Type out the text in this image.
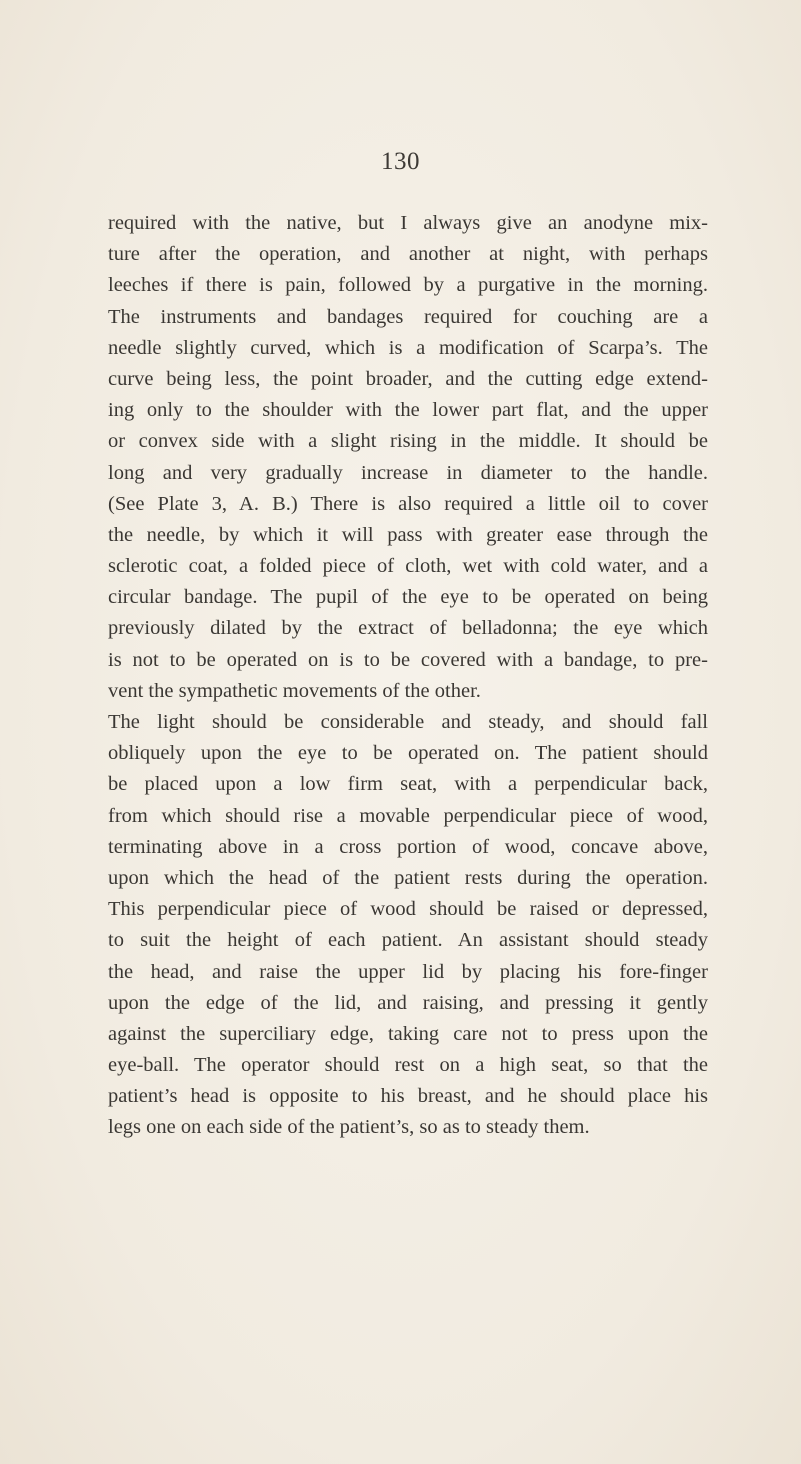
130
required with the native, but I always give an anodyne mix-
ture after the operation, and another at night, with perhaps
leeches if there is pain, followed by a purgative in the morning.
The instruments and bandages required for couching are a
needle slightly curved, which is a modification of Scarpa’s. The
curve being less, the point broader, and the cutting edge extend-
ing only to the shoulder with the lower part flat, and the upper
or convex side with a slight rising in the middle. It should be
long and very gradually increase in diameter to the handle.
(See Plate 3, A. B.) There is also required a little oil to cover
the needle, by which it will pass with greater ease through the
sclerotic coat, a folded piece of cloth, wet with cold water, and a
circular bandage. The pupil of the eye to be operated on being
previously dilated by the extract of belladonna; the eye which
is not to be operated on is to be covered with a bandage, to pre-
vent the sympathetic movements of the other.
The light should be considerable and steady, and should fall
obliquely upon the eye to be operated on. The patient should
be placed upon a low firm seat, with a perpendicular back,
from which should rise a movable perpendicular piece of wood,
terminating above in a cross portion of wood, concave above,
upon which the head of the patient rests during the operation.
This perpendicular piece of wood should be raised or depressed,
to suit the height of each patient. An assistant should steady
the head, and raise the upper lid by placing his fore-finger
upon the edge of the lid, and raising, and pressing it gently
against the superciliary edge, taking care not to press upon the
eye-ball. The operator should rest on a high seat, so that the
patient’s head is opposite to his breast, and he should place his
legs one on each side of the patient’s, so as to steady them.
